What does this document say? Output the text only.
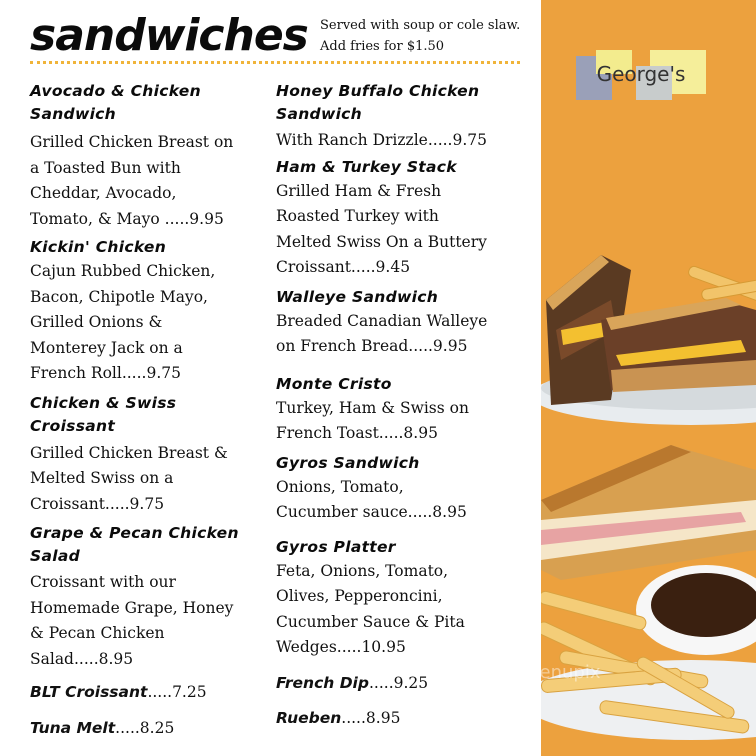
sandwiches Served with soup or cole slaw.
Add fries for $1.50
George's
Avocado & Chicken Sandwich
Grilled Chicken Breast on
a Toasted Bun with
Cheddar, Avocado,
Tomato, & Mayo .....9.95
Kickin' Chicken
Cajun Rubbed Chicken,
Bacon, Chipotle Mayo,
Grilled Onions &
Monterey Jack on a
French Roll.....9.75
Chicken & Swiss Croissant
Grilled Chicken Breast &
Melted Swiss on a
Croissant.....9.75
Grape & Pecan Chicken Salad
Croissant with our
Homemade Grape, Honey
& Pecan Chicken
Salad.....8.95
BLT Croissant.....7.25
Tuna Melt.....8.25
Honey Buffalo Chicken Sandwich
With Ranch Drizzle.....9.75
Ham & Turkey Stack
Grilled Ham & Fresh
Roasted Turkey with
Melted Swiss On a Buttery
Croissant.....9.45
Walleye Sandwich
Breaded Canadian Walleye
on French Bread.....9.95
Monte Cristo
Turkey, Ham & Swiss on
French Toast.....8.95
Gyros Sandwich
Onions, Tomato,
Cucumber sauce.....8.95
Gyros Platter
Feta, Onions, Tomato,
Olives, Pepperoncini,
Cucumber Sauce & Pita
Wedges.....10.95
French Dip.....9.25
Rueben.....8.95
menupix
